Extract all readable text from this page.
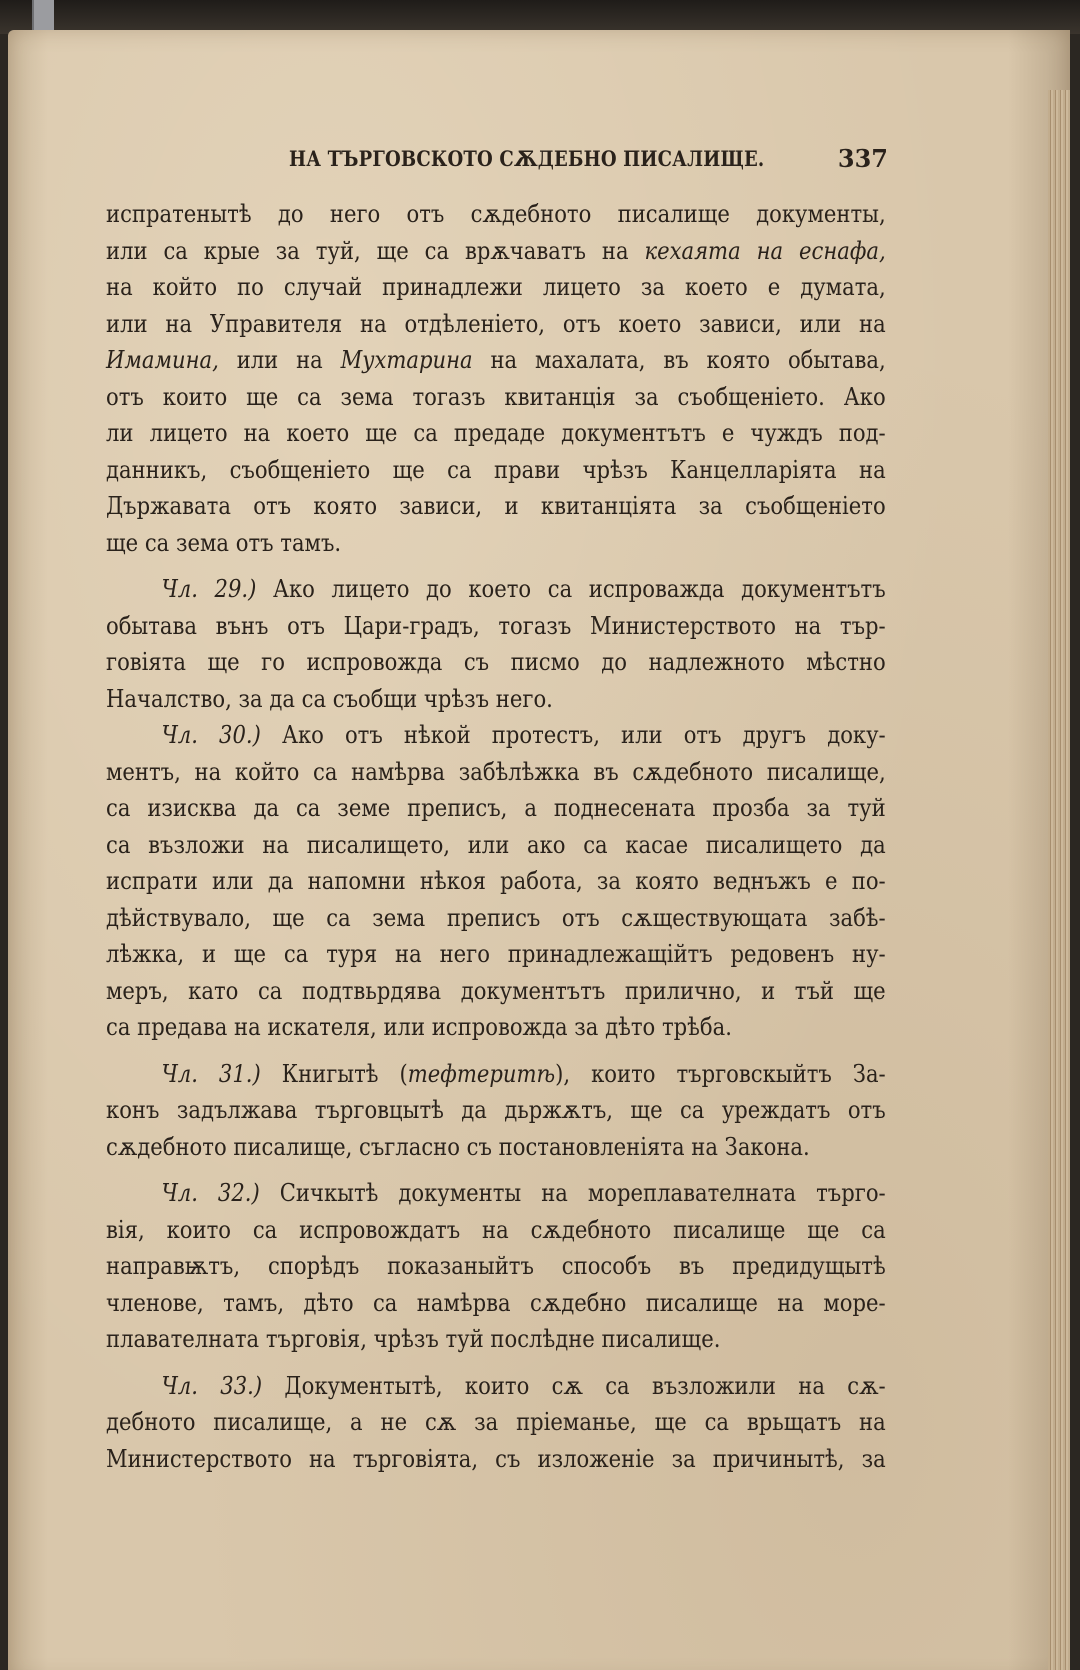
НА ТЪРГОВСКОТО СѪДЕБНО ПИСАЛИЩЕ.	337
испратенытѣ до него отъ сѫдебното писалище документы,
или са крые за туй, ще са врѫчаватъ на кехаята на еснафа,
на който по случай принадлежи лицето за което е думата,
или на Управителя на отдѣленіето, отъ което зависи, или на
Имамина, или на Мухтарина на махалата, въ която обытава,
отъ които ще са зема тогазъ квитанція за съобщеніето. Ако
ли лицето на което ще са предаде документътъ е чуждъ под-
данникъ, съобщеніето ще са прави чрѣзъ Канцелларіята на
Държавата отъ която зависи, и квитанціята за съобщеніето
ще са зема отъ тамъ.
Чл. 29.) Ако лицето до което са испроважда документътъ
обытава вънъ отъ Цари-градъ, тогазъ Министерството на тър-
говіята ще го испровожда съ писмо до надлежното мѣстно
Началство, за да са съобщи чрѣзъ него.
Чл. 30.) Ако отъ нѣкой протестъ, или отъ другъ доку-
ментъ, на който са намѣрва забѣлѣжка въ сѫдебното писалище,
са изисква да са земе преписъ, а поднесената прозба за туй
са възложи на писалището, или ако са касае писалището да
испрати или да напомни нѣкоя работа, за която веднъжъ е по-
дѣйствувало, ще са зема преписъ отъ сѫществующата забѣ-
лѣжка, и ще са туря на него принадлежащійтъ редовенъ ну-
меръ, като са подтвьрдява документътъ прилично, и тъй ще
са предава на искателя, или испровожда за дѣто трѣба.
Чл. 31.) Книгытѣ (тефтеритѣ), които търговскыйтъ За-
конъ задължава търговцытѣ да дьржѫтъ, ще са уреждатъ отъ
сѫдебното писалище, съгласно съ постановленіята на Закона.
Чл. 32.) Сичкытѣ документы на мореплавателната търго-
вія, които са испровождатъ на сѫдебното писалище ще са
направѭтъ, спорѣдъ показаныйтъ способъ въ предидущытѣ
членове, тамъ, дѣто са намѣрва сѫдебно писалище на море-
плавателната търговія, чрѣзъ туй послѣдне писалище.
Чл. 33.) Документытѣ, които сѫ са възложили на сѫ-
дебното писалище, а не сѫ за пріеманье, ще са врьщатъ на
Министерството на търговіята, съ изложеніе за причинытѣ, за
